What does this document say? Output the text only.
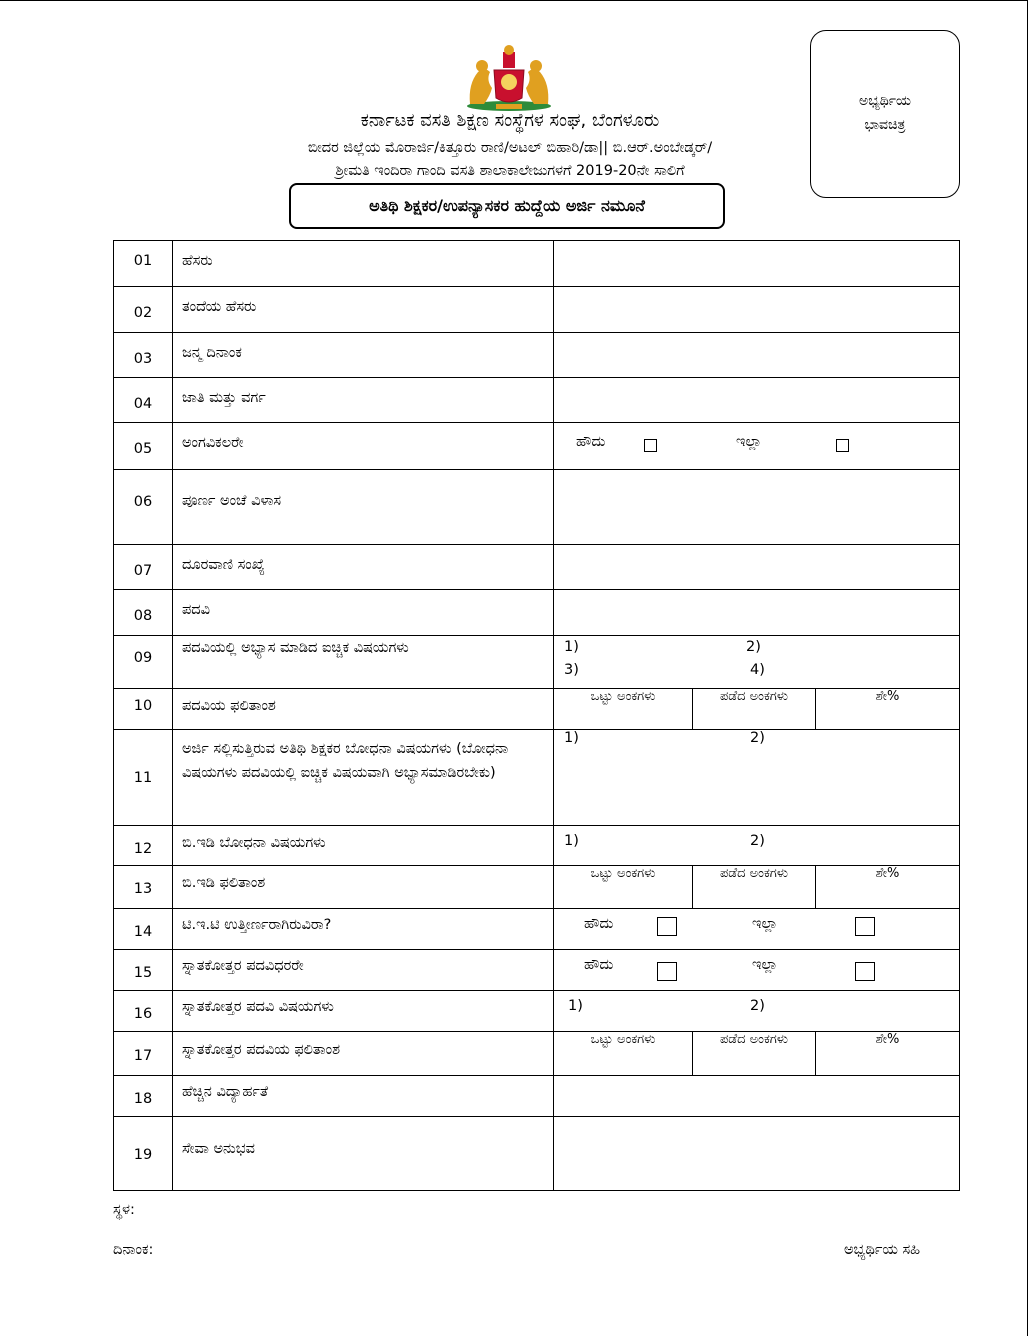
ಕರ್ನಾಟಕ ವಸತಿ ಶಿಕ್ಷಣ ಸಂಸ್ಥೆಗಳ ಸಂಘ, ಬೆಂಗಳೂರು
ಬೀದರ ಜಿಲ್ಲೆಯ ಮೊರಾರ್ಜಿ/ಕಿತ್ತೂರು ರಾಣಿ/ಅಟಲ್ ಬಿಹಾರಿ/ಡಾ|| ಬಿ.ಆರ್.ಅಂಬೇಡ್ಕರ್/
ಶ್ರೀಮತಿ ಇಂದಿರಾ ಗಾಂದಿ ವಸತಿ ಶಾಲಾಕಾಲೇಜುಗಳಗೆ 2019-20ನೇ ಸಾಲಿಗೆ
ಅತಿಥಿ ಶಿಕ್ಷಕರ/ಉಪನ್ಯಾಸಕರ ಹುದ್ದೆಯ ಅರ್ಜಿ ನಮೂನೆ
ಅಭ್ಯರ್ಥಿಯ
ಭಾವಚಿತ್ರ
01	ಹೆಸರು

02	ತಂದೆಯ ಹೆಸರು

03	ಜನ್ಮ ದಿನಾಂಕ

04	ಜಾತಿ ಮತ್ತು ವರ್ಗ

05	ಅಂಗವಿಕಲರೇ	ಹೌದು	ಇಲ್ಲಾ

06	ಪೂರ್ಣ ಅಂಚೆ ವಿಳಾಸ

07	ದೂರವಾಣಿ ಸಂಖ್ಯೆ

08	ಪದವಿ

09

ಪದವಿಯಲ್ಲಿ ಅಭ್ಯಾಸ ಮಾಡಿದ ಐಚ್ಚಿಕ ವಿಷಯಗಳು	1)	2)
3)	4)

10	ಪದವಿಯ ಫಲಿತಾಂಶ

ಒಟ್ಟು ಅಂಕಗಳು	ಪಡೆದ ಅಂಕಗಳು	ಶೇ%

11

ಅರ್ಜಿ ಸಲ್ಲಿಸುತ್ತಿರುವ ಅತಿಥಿ ಶಿಕ್ಷಕರ ಬೋಧನಾ ವಿಷಯಗಳು (ಬೋಧನಾ ವಿಷಯಗಳು ಪದವಿಯಲ್ಲಿ ಐಚ್ಚಿಕ ವಿಷಯವಾಗಿ ಅಭ್ಯಾಸಮಾಡಿರಬೇಕು)

1)	2)

12	ಬಿ.ಇಡಿ ಬೋಧನಾ ವಿಷಯಗಳು	1)	2)

13	ಬಿ.ಇಡಿ ಫಲಿತಾಂಶ

ಒಟ್ಟು ಅಂಕಗಳು	ಪಡೆದ ಅಂಕಗಳು	ಶೇ%

14	ಟಿ.ಇ.ಟಿ ಉತ್ತೀರ್ಣರಾಗಿರುವಿರಾ?	ಹೌದು	ಇಲ್ಲಾ

15	ಸ್ನಾತಕೋತ್ತರ ಪದವಿಧರರೇ	ಹೌದು	ಇಲ್ಲಾ

16	ಸ್ನಾತಕೋತ್ತರ ಪದವಿ ವಿಷಯಗಳು	1)	2)

17	ಸ್ನಾತಕೋತ್ತರ ಪದವಿಯ ಫಲಿತಾಂಶ

ಒಟ್ಟು ಅಂಕಗಳು	ಪಡೆದ ಅಂಕಗಳು	ಶೇ%

18	ಹೆಚ್ಚಿನ ವಿದ್ಯಾರ್ಹತೆ

19	ಸೇವಾ ಅನುಭವ

ಸ್ಥಳ:
ದಿನಾಂಕ:	ಅಭ್ಯರ್ಥಿಯ ಸಹಿ
